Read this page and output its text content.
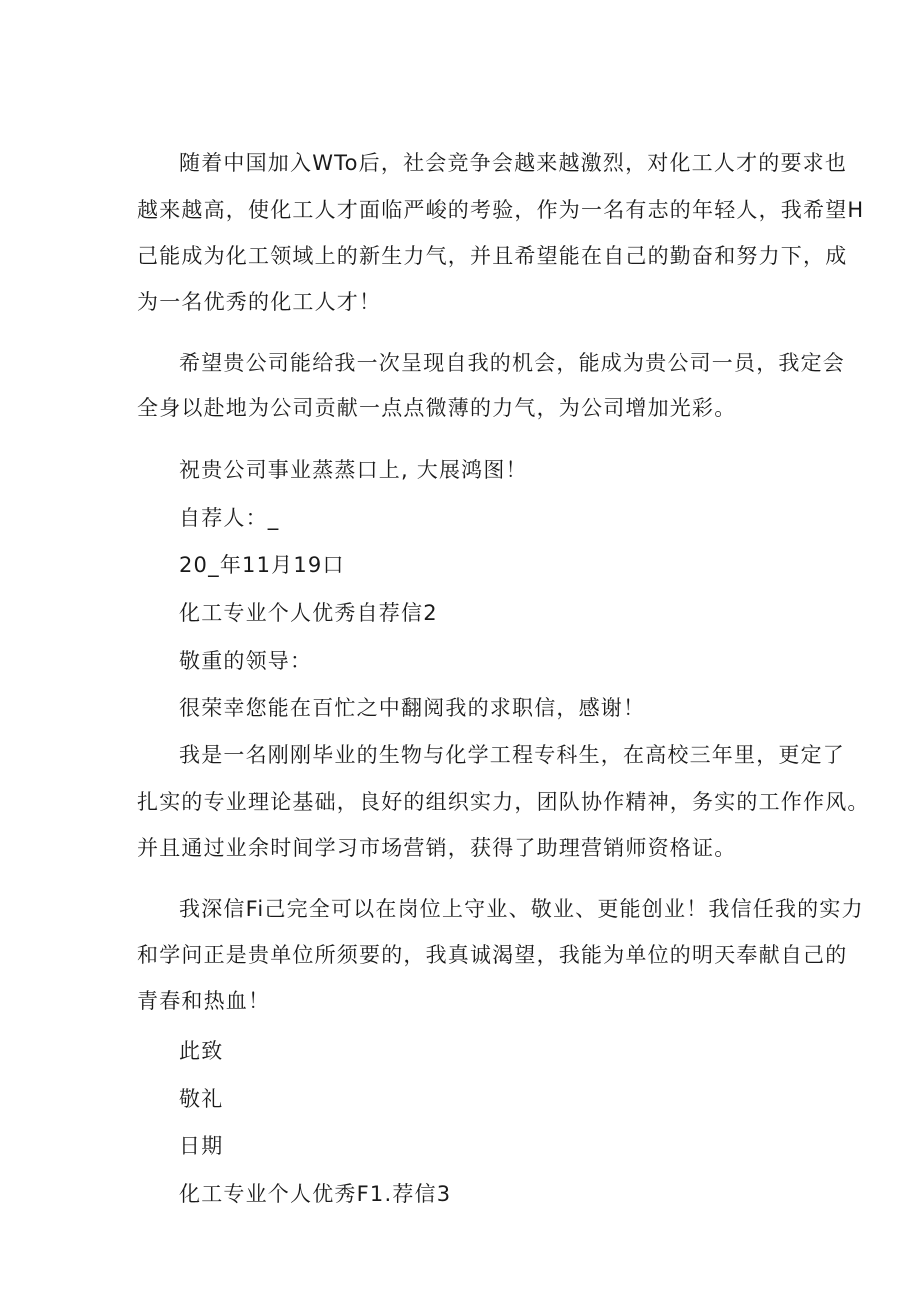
随着中国加入WTo后，社会竞争会越来越激烈，对化工人才的要求也
越来越高，使化工人才面临严峻的考验，作为一名有志的年轻人，我希望H
己能成为化工领域上的新生力气，并且希望能在自己的勤奋和努力下，成
为一名优秀的化工人才！
希望贵公司能给我一次呈现自我的机会，能成为贵公司一员，我定会
全身以赴地为公司贡献一点点微薄的力气，为公司增加光彩。
祝贵公司事业蒸蒸口上, 大展鸿图！
自荐人：_
20_年11月19口
化工专业个人优秀自荐信2
敬重的领导：
很荣幸您能在百忙之中翻阅我的求职信，感谢！
我是一名刚刚毕业的生物与化学工程专科生，在高校三年里，更定了
扎实的专业理论基础，良好的组织实力，团队协作精神，务实的工作作风。
并且通过业余时间学习市场营销，获得了助理营销师资格证。
我深信Fi己完全可以在岗位上守业、敬业、更能创业！我信任我的实力
和学问正是贵单位所须要的，我真诚渴望，我能为单位的明天奉献自己的
青春和热血！
此致
敬礼
日期
化工专业个人优秀F1.荐信3
